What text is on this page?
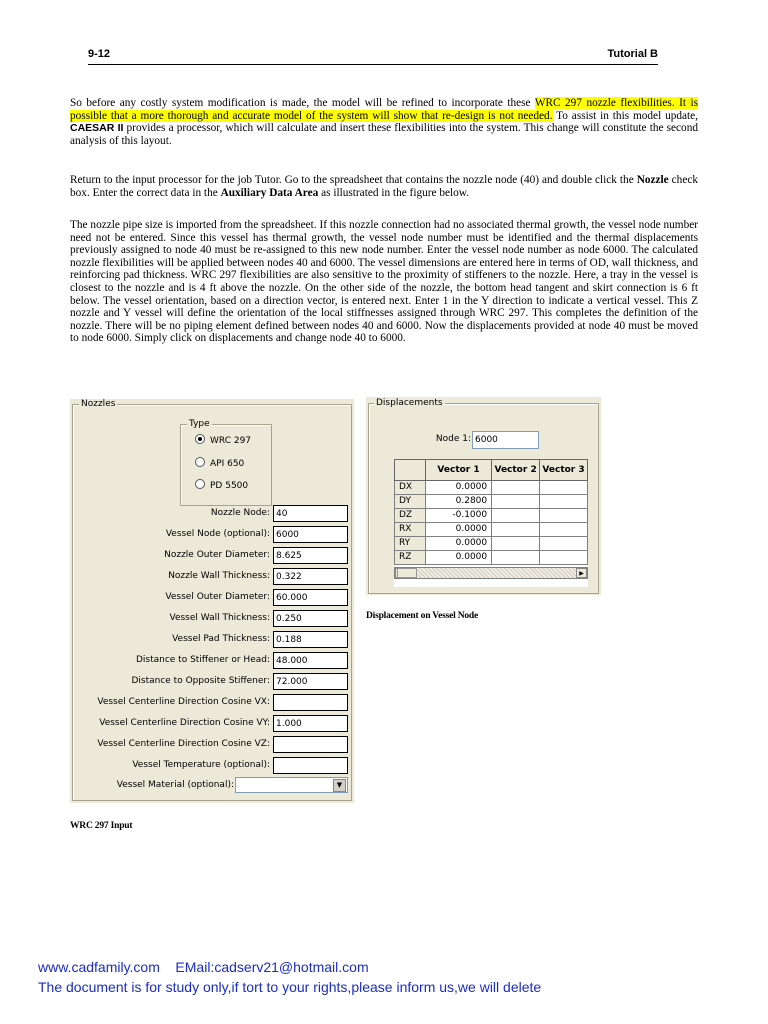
9-12	Tutorial B
So before any costly system modification is made, the model will be refined to incorporate these WRC 297 nozzle flexibilities. It is possible that a more thorough and accurate model of the system will show that re-design is not needed. To assist in this model update, CAESAR II provides a processor, which will calculate and insert these flexibilities into the system. This change will constitute the second analysis of this layout.
Return to the input processor for the job Tutor. Go to the spreadsheet that contains the nozzle node (40) and double click the Nozzle check box. Enter the correct data in the Auxiliary Data Area as illustrated in the figure below.
The nozzle pipe size is imported from the spreadsheet. If this nozzle connection had no associated thermal growth, the vessel node number need not be entered. Since this vessel has thermal growth, the vessel node number must be identified and the thermal displacements previously assigned to node 40 must be re-assigned to this new node number. Enter the vessel node number as node 6000. The calculated nozzle flexibilities will be applied between nodes 40 and 6000. The vessel dimensions are entered here in terms of OD, wall thickness, and reinforcing pad thickness. WRC 297 flexibilities are also sensitive to the proximity of stiffeners to the nozzle. Here, a tray in the vessel is closest to the nozzle and is 4 ft above the nozzle. On the other side of the nozzle, the bottom head tangent and skirt connection is 6 ft below. The vessel orientation, based on a direction vector, is entered next. Enter 1 in the Y direction to indicate a vertical vessel. This Z nozzle and Y vessel will define the orientation of the local stiffnesses assigned through WRC 297. This completes the definition of the nozzle. There will be no piping element defined between nodes 40 and 6000. Now the displacements provided at node 40 must be moved to node 6000. Simply click on displacements and change node 40 to 6000.
Nozzles
Type
WRC 297
API 650
PD 5500
Nozzle Node: 40
Vessel Node (optional): 6000
Nozzle Outer Diameter: 8.625
Nozzle Wall Thickness: 0.322
Vessel Outer Diameter: 60.000
Vessel Wall Thickness: 0.250
Vessel Pad Thickness: 0.188
Distance to Stiffener or Head: 48.000
Distance to Opposite Stiffener: 72.000
Vessel Centerline Direction Cosine VX:
Vessel Centerline Direction Cosine VY: 1.000
Vessel Centerline Direction Cosine VZ:
Vessel Temperature (optional):
Vessel Material (optional):	▼
Displacements
Node 1: 6000
	Vector 1	Vector 2	Vector 3
DX	0.0000		
DY	0.2800		
DZ	-0.1000		
RX	0.0000		
RY	0.0000		
RZ	0.0000		
▶
Displacement on Vessel Node
WRC 297 Input
www.cadfamily.com    EMail:cadserv21@hotmail.com
The document is for study only,if tort to your rights,please inform us,we will delete
